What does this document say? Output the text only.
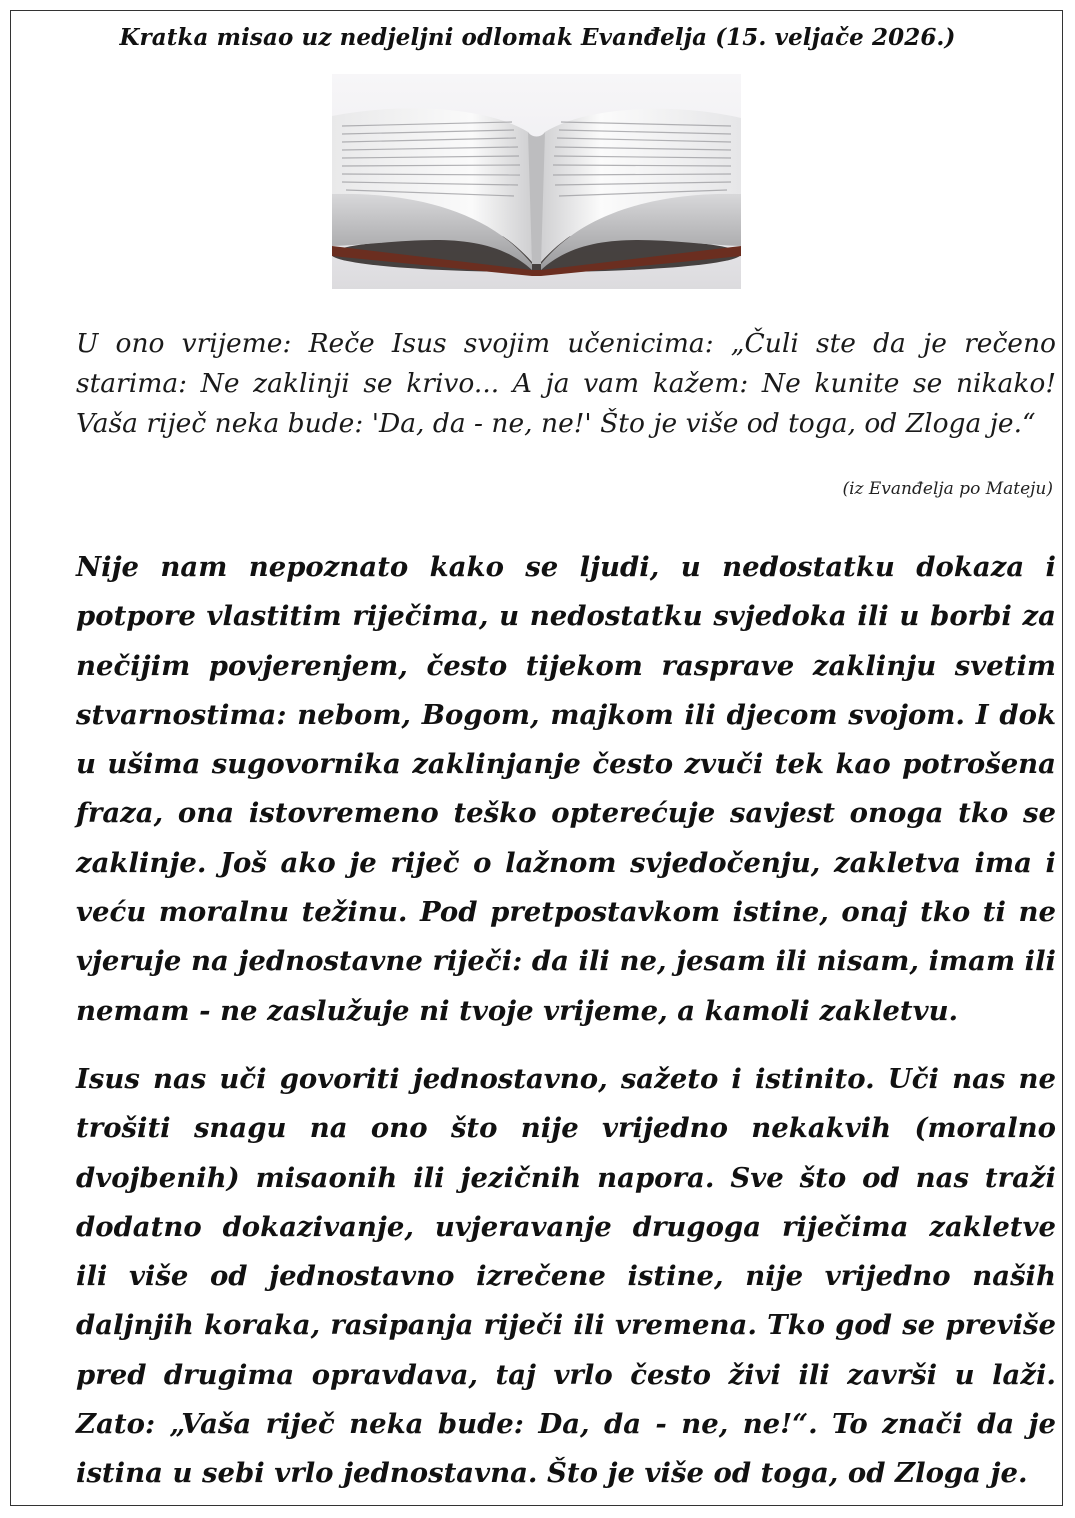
Kratka misao uz nedjeljni odlomak Evanđelja (15. veljače 2026.)
U ono vrijeme: Reče Isus svojim učenicima: „Čuli ste da je rečeno
starima: Ne zaklinji se krivo... A ja vam kažem: Ne kunite se nikako!
Vaša riječ neka bude: 'Da, da - ne, ne!' Što je više od toga, od Zloga je.“
(iz Evanđelja po Mateju)
Nije nam nepoznato kako se ljudi, u nedostatku dokaza i
potpore vlastitim riječima, u nedostatku svjedoka ili u borbi za
nečijim povjerenjem, često tijekom rasprave zaklinju svetim
stvarnostima: nebom, Bogom, majkom ili djecom svojom. I dok
u ušima sugovornika zaklinjanje često zvuči tek kao potrošena
fraza, ona istovremeno teško opterećuje savjest onoga tko se
zaklinje. Još ako je riječ o lažnom svjedočenju, zakletva ima i
veću moralnu težinu. Pod pretpostavkom istine, onaj tko ti ne
vjeruje na jednostavne riječi: da ili ne, jesam ili nisam, imam ili
nemam - ne zaslužuje ni tvoje vrijeme, a kamoli zakletvu.
Isus nas uči govoriti jednostavno, sažeto i istinito. Uči nas ne
trošiti snagu na ono što nije vrijedno nekakvih (moralno
dvojbenih) misaonih ili jezičnih napora. Sve što od nas traži
dodatno dokazivanje, uvjeravanje drugoga riječima zakletve
ili više od jednostavno izrečene istine, nije vrijedno naših
daljnjih koraka, rasipanja riječi ili vremena. Tko god se previše
pred drugima opravdava, taj vrlo često živi ili završi u laži.
Zato: „Vaša riječ neka bude: Da, da - ne, ne!“. To znači da je
istina u sebi vrlo jednostavna. Što je više od toga, od Zloga je.
